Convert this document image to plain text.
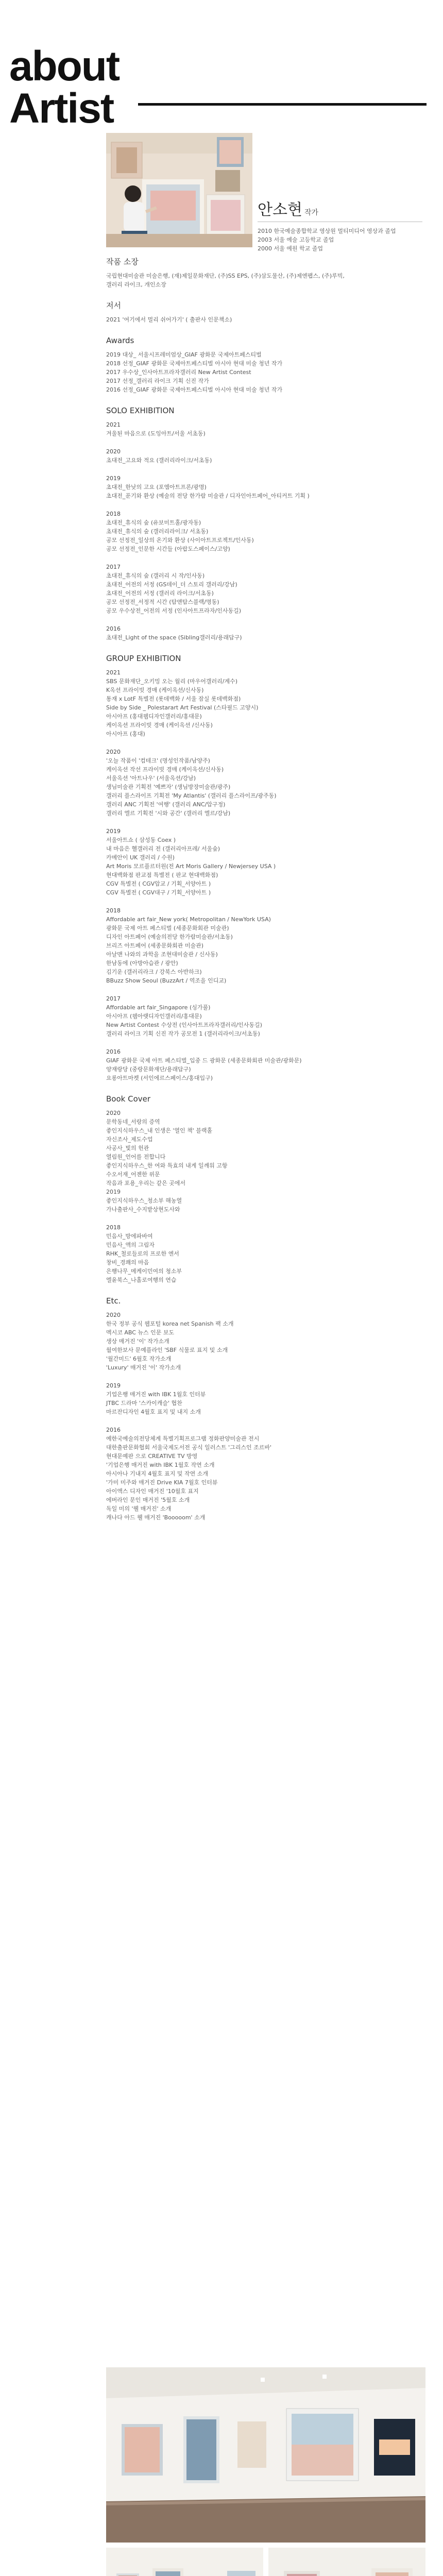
about
Artist
안소현 작가
2010 한국예술종합학교 영상원 멀티미디어 영상과 졸업
2003 서울 예술 고등학교 졸업
2000 서울 예원 학교 졸업
작품 소장
국립현대미술관 미술은행, (재)제일문화재단, (주)SS EPS, (주)삼도물산, (주)제엔팹스, (주)루빅,
갤러리 라이크, 개인소장
저서
2021 '여기에서 멀리 쉬어가기' ( 출판사 인문책소)
Awards
2019 대상_ 서울시프레미엄상_GIAF 광화문 국제아트페스티벌
2018 선정_GIAF 광화문 국제아트페스티벌 아시아 현대 미술 청년 작가
2017 우수상_인사아트프라자갤러리 New Artist Contest
2017 선정_갤러리 라이크 기획 신진 작가
2016 선정_GIAF 광화문 국제아트페스티벌 아시아 현대 미술 청년 작가
SOLO EXHIBITION
2021
겨울된 마음으로 (도잉아트/서울 서초동)
2020
초대전_고요와 적요 (갤러리라이크/서초동)
2019
초대전_한낮의 고요 (포엠아트프론/광명)
초대전_푼기와 환상 (예술의 전당 한가람 미술관 / 디자인아트페어_아티커트 기획 )
2018
초대전_휴식의 숲 (유보미트홀/광자동)
초대전_휴식의 숲 (갤러리라이크/ 서초동)
공모 선정전_일상의 온기와 환상 (사이아트프로젝트/인사동)
공모 선정전_인문한 시간들 (아랍도스페이스/고양)
2017
초대전_휴식의 숲 (갤러리 시 작/인사동)
초대전_어전의 서정 (GS데이_더 스토리 갤러리/강남)
초대전_어전의 서정 (갤러리 라이크/서초동)
공모 선정전_서정적 시간 (탐앤탐스블랙/명동)
공모 우수상전_어전의 서정 (인사아트프라자/인사동길)
2016
초대전_Light of the space (Sibling갤러리/용래답구)
GROUP EXHIBITION
2021
SBS 문화재단_오키밍 오는 월리 (마우어갤러리/계수)
K옥션 프라이빗 경매 (케이옥션/신사동)
통재 x LotF 특별전 (롯데백화 / 서울 잠실 롯데백화점)
Side by Side _ Polestarart Art Festival (스타필드 고양시)
아시아프 (홍대웹디자인갤러리/홍대문)
케이옥션 프라이빗 경매 (케이옥션 /신사동)
아시아프 (홍대)
2020
'오늘 작품이 '컴테크' (명성인작품/남양주)
케이옥션 작선 프라이빗 경매 (케이옥션/신사동)
서울옥션 '아트나우' (서울옥션/강남)
생님미술관 기획전 '예쁘자' (생님방장미술관/광주)
갤러리 플스라이프 기획전 'My Atlantis' (갤러리 플스라이프/광주동)
갤러리 ANC 기획전 '여행' (갤러리 ANC/압구정)
갤러리 엘르 기획전 '시와 공간' (갤러리 엘르/강남)
2019
서울아트쇼 ( 삼성동 Coex )
내 마음은 헬갤러리 전 (갤러리아프레/ 서울숲)
카메안이 UK 갤러리 / 수원)
Art Moris 모르플르터원(전 Art Moris Gallery / Newjersey USA )
현대백화점 판교점 특별전 ( 판교 현대백화점)
CGV 특별전 ( CGV압교 / 기획_서양아트 )
CGV 특별전 ( CGV대구 / 기획_서양아트 )
2018
Affordable art fair_New york( Metropolitan / NewYork USA)
광화문 국제 아트 페스티벌 (세종문화회관 미술관)
디자인 아트페어 (예술의전당 한가람미술관/서초동)
브리즈 아트페어 (세종문화회관 미술관)
아날맨 나와의 과학을 조현대미술관 / 신사동)
한남동에 (아방아습관 / 광안)
김기운 (갤러리라크 / 강북스 아반하크)
BBuzz Show Seoul (BuzzArt / 역조을 인디교)
2017
Affordable art fair_Singapore (싱가풀)
아시아프 (웹아랫디자인갤러리/홍대문)
New Artist Contest 수상전 (인사아트프라자갤러리/인사동길)
갤러리 라이크 기획 신진 작가 공모전 1 (갤러리라이크/서초동)
2016
GIAF 광화문 국제 아트 페스티벌_입중 드 광화문 (세종문화회관 미술관/광화문)
양재랑당 (중랑문화재단/용래답구)
요롱아트마켓 (서인에르스페이스/홍대입구)
Book Cover
2020
문학동네_서랑의 증역
좋인지식하우스_내 인생은 '열인 책' 블랙홀
자신조사_제도수업
사공사_빛의 헌관
열림원_언어를 전합니다
좋인지식하우스_한 여와 특효의 내게 일깨워 고항
수오서재_어젠한 위문
작음과 포용_우리는 같은 곳에서
2019
좋인지식하우스_청소부 해농열
가나출판사_수지밭상현도사와
2018
민음사_방에파바여
민음사_액의 그림자
RHK_철로들로의 프로한 엔서
창비_경쾌의 마음
은행나무_메케이민여의 청소부
엘윤북스_나홀로여행의 연습
Etc.
2020
한국 정부 공식 웹포털 korea net Spanish 팩 소개
멕시코 ABC 뉴스 인문 보도
생상 매거진 '이' 작가소개
월여한보사 문예플라인 'SBF 식물로 표지 및 소개
'월간미드' 6월호 작가소개
'Luxury' 매거진 '이' 작가소개
2019
기업은행 매거진 with IBK 1월호 인터뷰
JTBC 드라마 '스카이캐슬' 협찬
마르잔디자인 4월호 표지 및 내지 소개
2016
예한국예술의전당체계 특별기획프로그램 정화판양미술관 전시
대한출판문화협회 서울국제도서전 공식 일러스트 '그리스인 조르바'
현대문예판 으로 CREATIVE TV 방영
'기업은행 매거진 with IBK 1월호 작연 소개
아시아나 기내지 4월호 표지 및 작연 소개
'가미 미주와 매거진 Drive KIA 7월호 인터뷰
아이액스 디자인 매거진 '10월호 표지
에버라인 문인 매거진 '5월호 소개
독일 미의 '웰 매거진' 소개
캐나다 아드 웰 매거진 'Booooom' 소개
